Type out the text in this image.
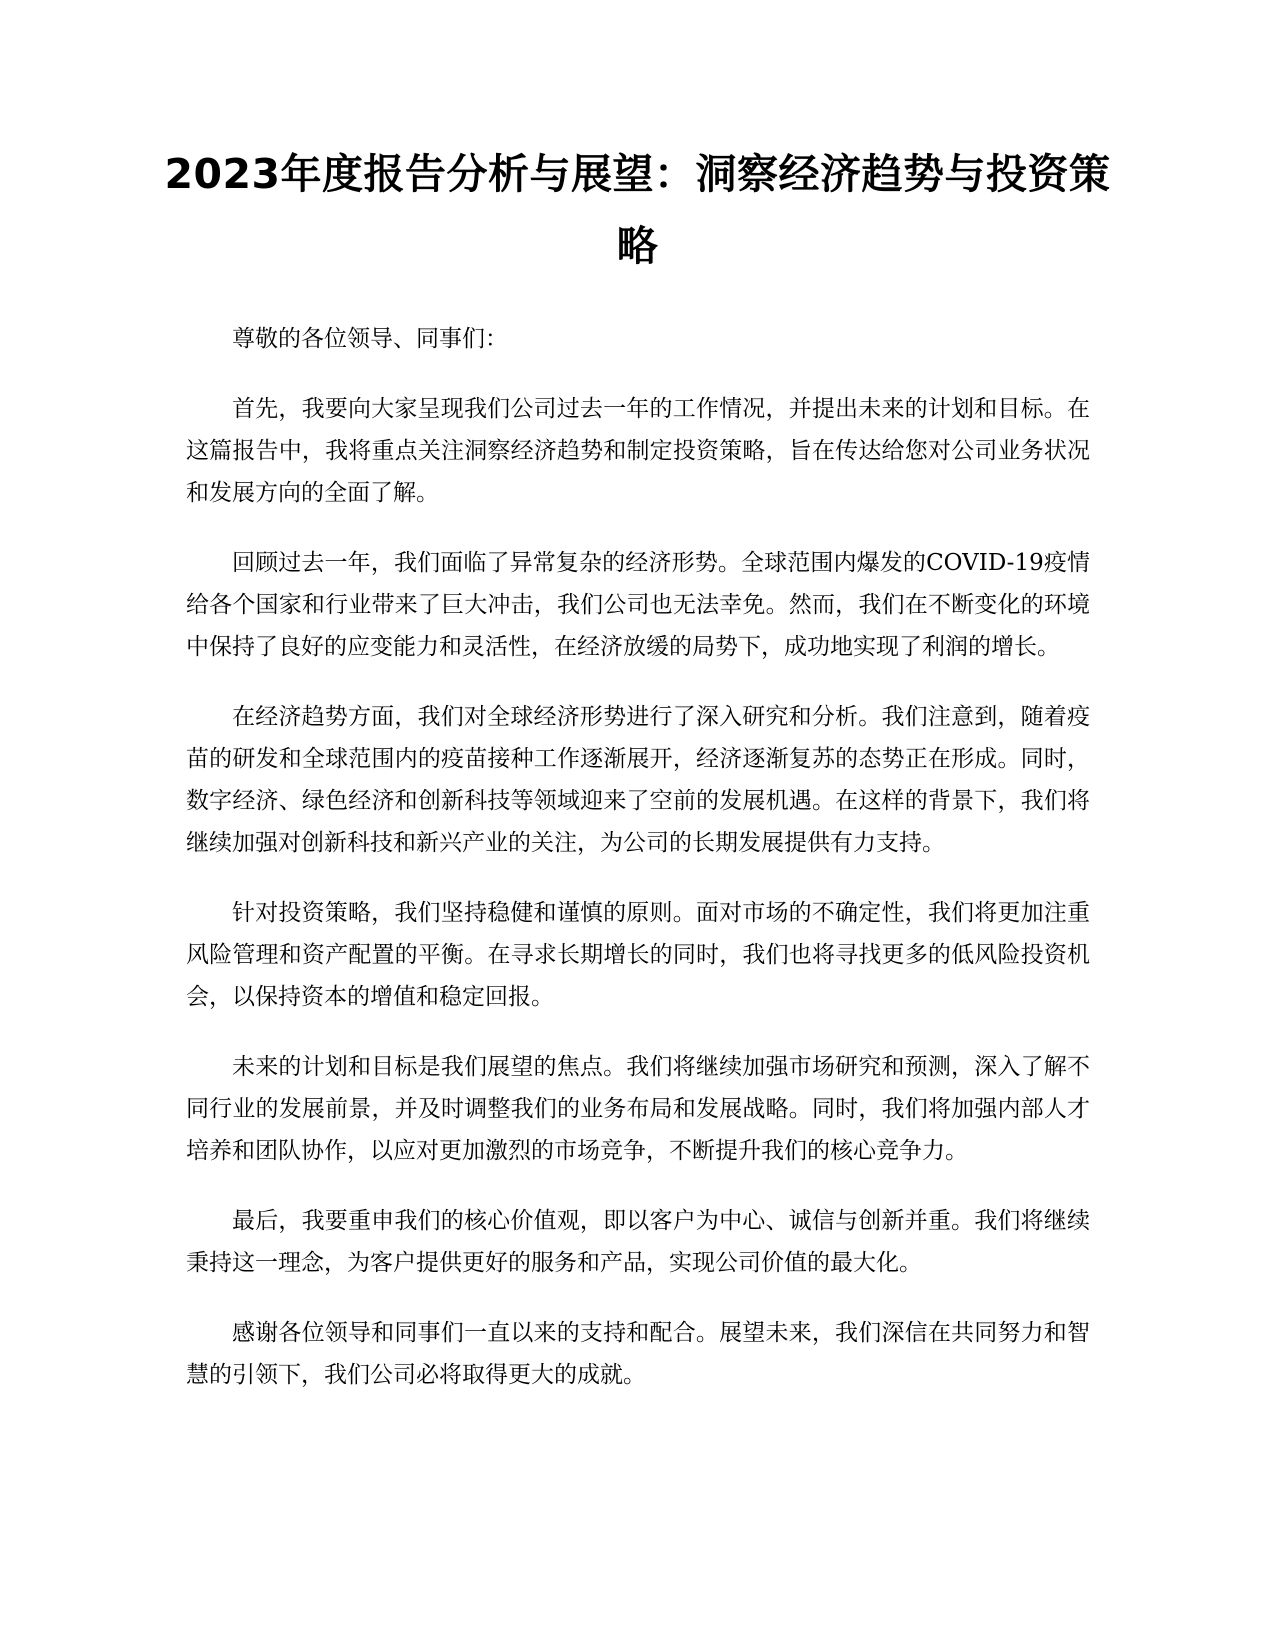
2023年度报告分析与展望：洞察经济趋势与投资策略

尊敬的各位领导、同事们：

首先，我要向大家呈现我们公司过去一年的工作情况，并提出未来的计划和目标。在这篇报告中，我将重点关注洞察经济趋势和制定投资策略，旨在传达给您对公司业务状况和发展方向的全面了解。

回顾过去一年，我们面临了异常复杂的经济形势。全球范围内爆发的COVID-19疫情给各个国家和行业带来了巨大冲击，我们公司也无法幸免。然而，我们在不断变化的环境中保持了良好的应变能力和灵活性，在经济放缓的局势下，成功地实现了利润的增长。

在经济趋势方面，我们对全球经济形势进行了深入研究和分析。我们注意到，随着疫苗的研发和全球范围内的疫苗接种工作逐渐展开，经济逐渐复苏的态势正在形成。同时，数字经济、绿色经济和创新科技等领域迎来了空前的发展机遇。在这样的背景下，我们将继续加强对创新科技和新兴产业的关注，为公司的长期发展提供有力支持。

针对投资策略，我们坚持稳健和谨慎的原则。面对市场的不确定性，我们将更加注重风险管理和资产配置的平衡。在寻求长期增长的同时，我们也将寻找更多的低风险投资机会，以保持资本的增值和稳定回报。

未来的计划和目标是我们展望的焦点。我们将继续加强市场研究和预测，深入了解不同行业的发展前景，并及时调整我们的业务布局和发展战略。同时，我们将加强内部人才培养和团队协作，以应对更加激烈的市场竞争，不断提升我们的核心竞争力。

最后，我要重申我们的核心价值观，即以客户为中心、诚信与创新并重。我们将继续秉持这一理念，为客户提供更好的服务和产品，实现公司价值的最大化。

感谢各位领导和同事们一直以来的支持和配合。展望未来，我们深信在共同努力和智慧的引领下，我们公司必将取得更大的成就。
